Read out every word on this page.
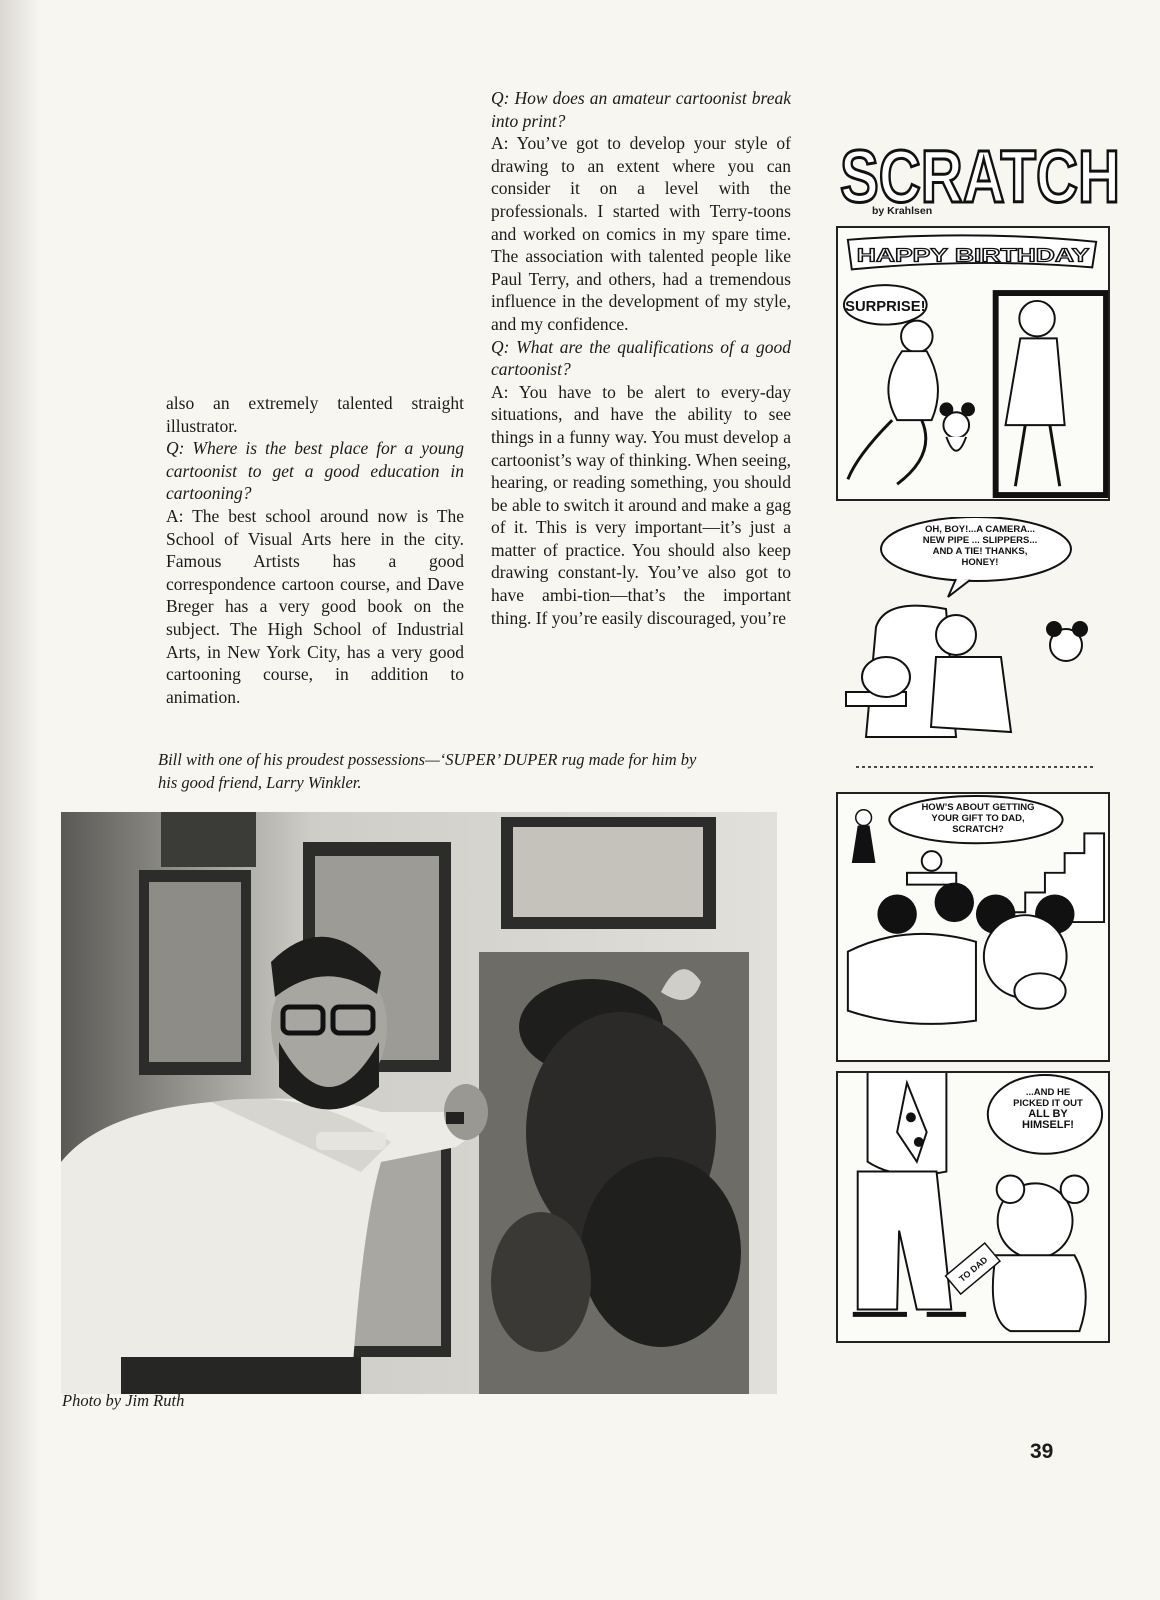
also an extremely talented straight illustrator.

Q: Where is the best place for a young cartoonist to get a good education in cartooning?

A: The best school around now is The School of Visual Arts here in the city. Famous Artists has a good correspondence cartoon course, and Dave Breger has a very good book on the subject. The High School of Industrial Arts, in New York City, has a very good cartooning course, in addition to animation.

Q: How does an amateur cartoonist break into print?

A: You’ve got to develop your style of drawing to an extent where you can consider it on a level with the professionals. I started with Terry-toons and worked on comics in my spare time. The association with talented people like Paul Terry, and others, had a tremendous influence in the development of my style, and my confidence.

Q: What are the qualifications of a good cartoonist?

A: You have to be alert to every-day situations, and have the ability to see things in a funny way. You must develop a cartoonist’s way of thinking. When seeing, hearing, or reading something, you should be able to switch it around and make a gag of it. This is very important—it’s just a matter of practice. You should also keep drawing constant-ly. You’ve also got to have ambi-tion—that’s the important thing. If you’re easily discouraged, you’re

Bill with one of his proudest possessions—‘SUPER’ DUPER rug made for him by his good friend, Larry Winkler.
Photo by Jim Ruth
SCRATCH
by Krahlsen
HAPPY BIRTHDAY
SURPRISE!
OH, BOY!...A CAMERA...
NEW PIPE ... SLIPPERS...
AND A TIE! THANKS,
HONEY!
HOW’S ABOUT GETTING
YOUR GIFT TO DAD,
SCRATCH?
TO DAD
...AND HE
PICKED IT OUT
ALL BY
HIMSELF!
39
